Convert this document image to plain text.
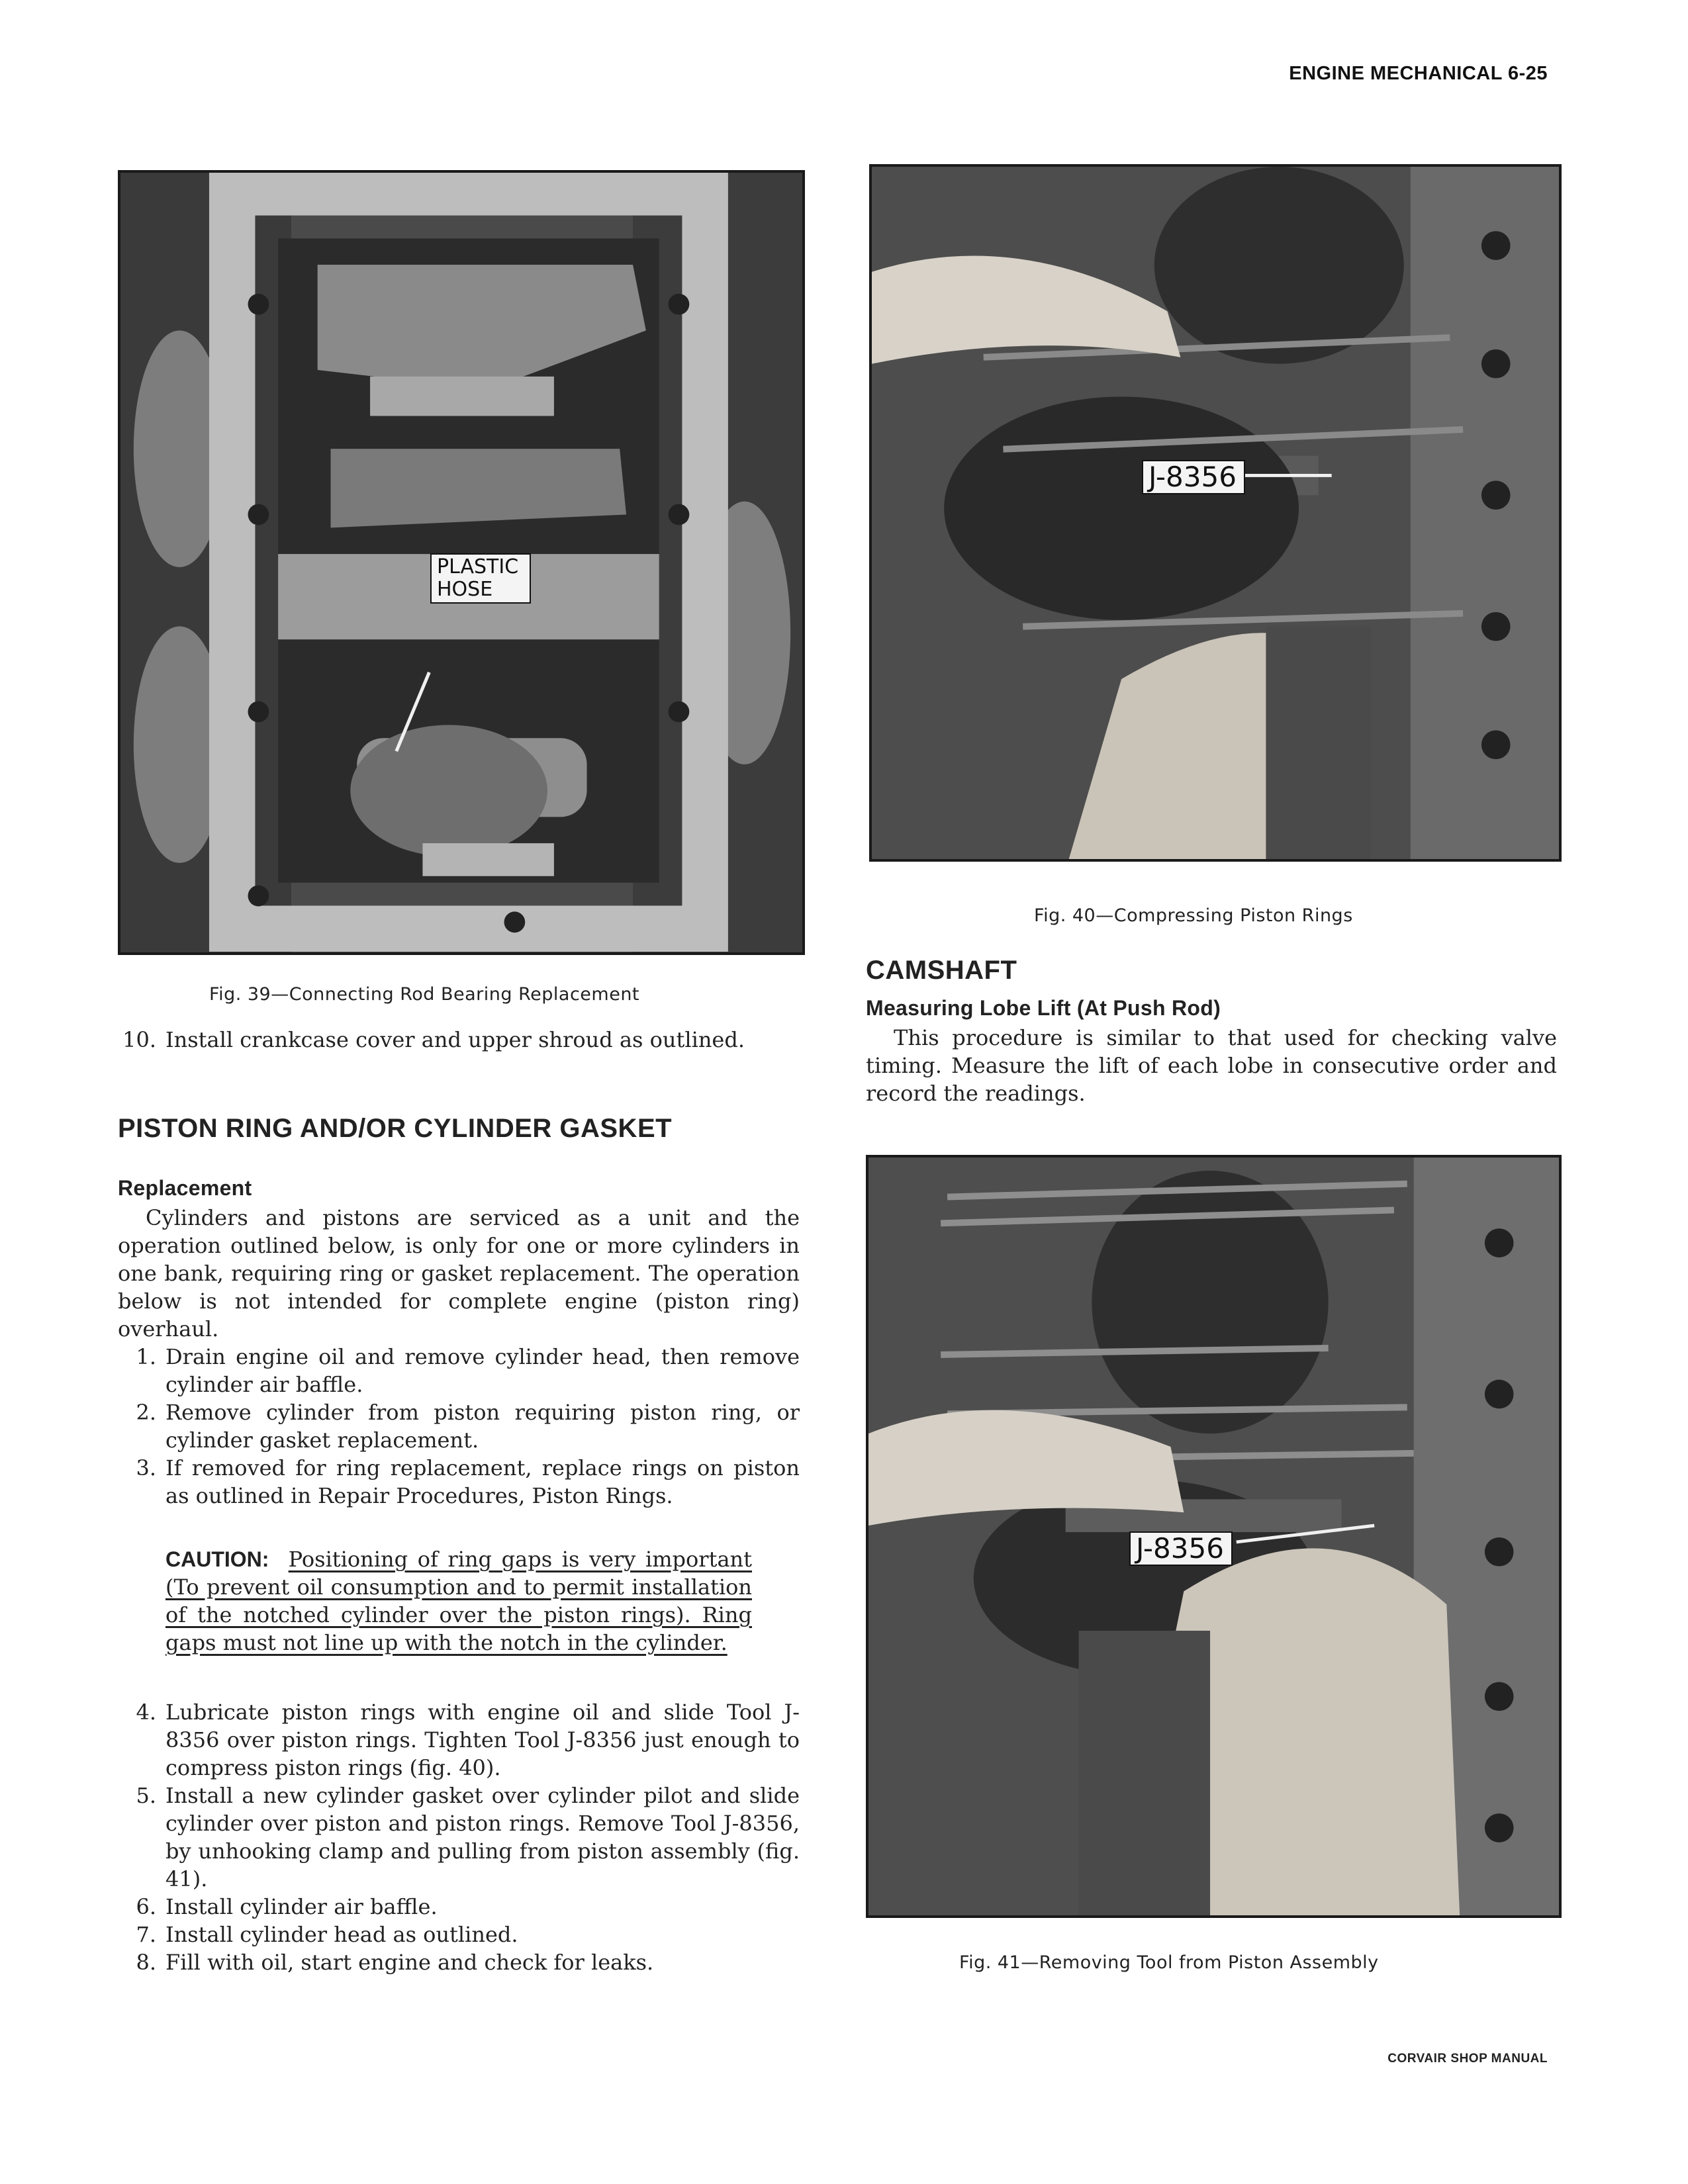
ENGINE MECHANICAL 6-25
PLASTIC HOSE
Fig. 39—Connecting Rod Bearing Replacement
J-8356
Fig. 40—Compressing Piston Rings
CAMSHAFT
Measuring Lobe Lift (At Push Rod)
This procedure is similar to that used for checking valve timing. Measure the lift of each lobe in consecutive order and record the readings.
J-8356
Fig. 41—Removing Tool from Piston Assembly
10. Install crankcase cover and upper shroud as outlined.
PISTON RING AND/OR CYLINDER GASKET
Replacement
Cylinders and pistons are serviced as a unit and the operation outlined below, is only for one or more cylinders in one bank, requiring ring or gasket replacement. The operation below is not intended for complete engine (piston ring) overhaul.
1. Drain engine oil and remove cylinder head, then remove cylinder air baffle.
2. Remove cylinder from piston requiring piston ring, or cylinder gasket replacement.
3. If removed for ring replacement, replace rings on piston as outlined in Repair Procedures, Piston Rings.
CAUTION: Positioning of ring gaps is very important (To prevent oil consumption and to permit installation of the notched cylinder over the piston rings). Ring gaps must not line up with the notch in the cylinder.
4. Lubricate piston rings with engine oil and slide Tool J-8356 over piston rings. Tighten Tool J-8356 just enough to compress piston rings (fig. 40).
5. Install a new cylinder gasket over cylinder pilot and slide cylinder over piston and piston rings. Remove Tool J-8356, by unhooking clamp and pulling from piston assembly (fig. 41).
6. Install cylinder air baffle.
7. Install cylinder head as outlined.
8. Fill with oil, start engine and check for leaks.
CORVAIR SHOP MANUAL
